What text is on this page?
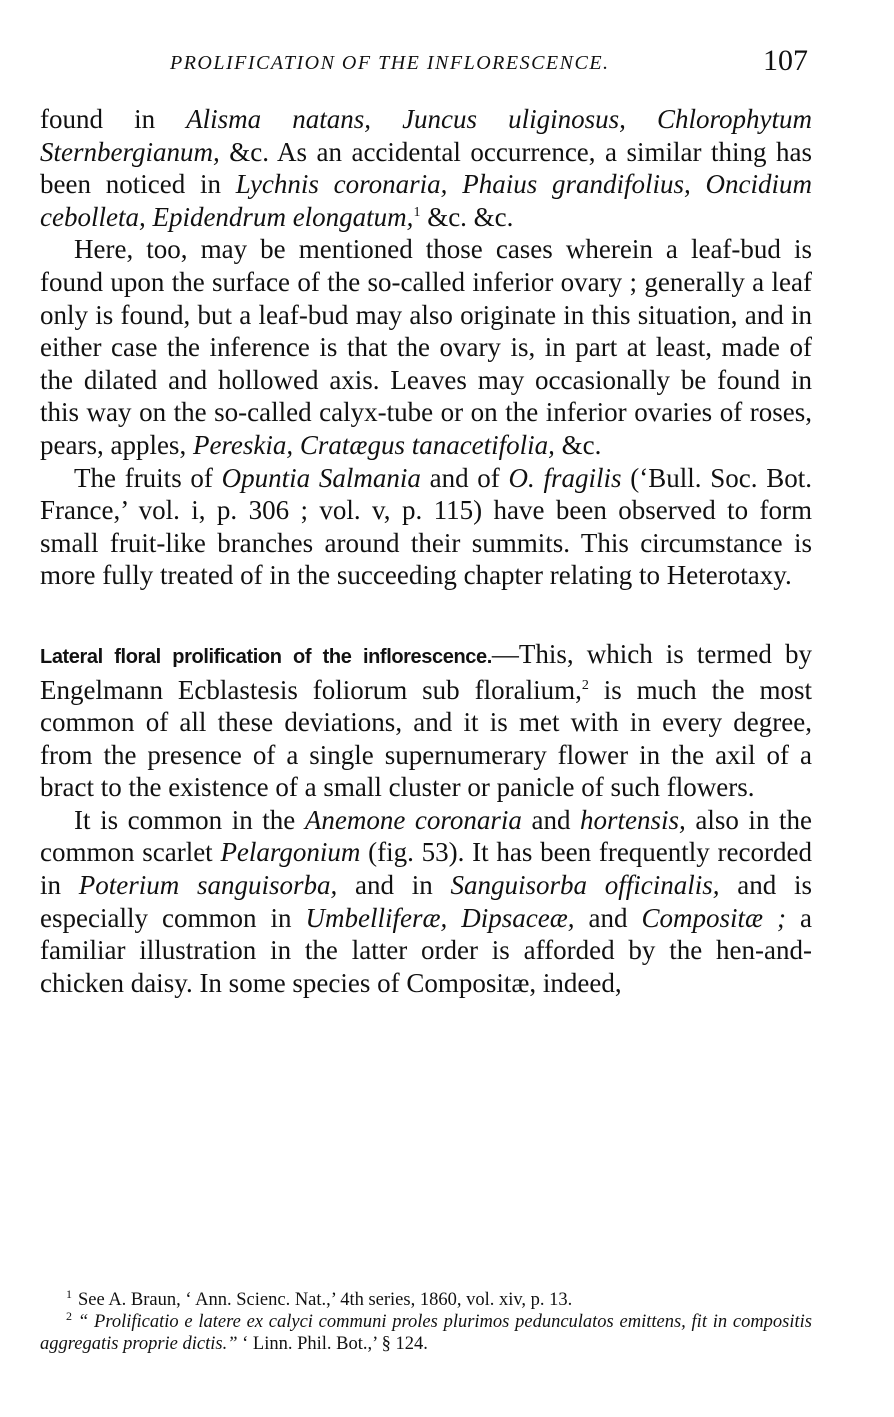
PROLIFICATION OF THE INFLORESCENCE.	107

found in Alisma natans, Juncus uliginosus, Chlorophytum Sternbergianum, &c. As an accidental occurrence, a similar thing has been noticed in Lychnis coronaria, Phaius grandifolius, Oncidium cebolleta, Epidendrum elongatum,$^1$ &c. &c.

Here, too, may be mentioned those cases wherein a leaf-bud is found upon the surface of the so-called inferior ovary ; generally a leaf only is found, but a leaf-bud may also originate in this situation, and in either case the inference is that the ovary is, in part at least, made of the dilated and hollowed axis. Leaves may occasionally be found in this way on the so-called calyx-tube or on the inferior ovaries of roses, pears, apples, Pereskia, Cratægus tanacetifolia, &c.

The fruits of Opuntia Salmania and of O. fragilis (‘Bull. Soc. Bot. France,’ vol. i, p. 306 ; vol. v, p. 115) have been observed to form small fruit-like branches around their summits. This circumstance is more fully treated of in the succeeding chapter relating to Heterotaxy.

Lateral floral prolification of the inflorescence.—This, which is termed by Engelmann Ecblastesis foliorum sub floralium,$^2$ is much the most common of all these deviations, and it is met with in every degree, from the presence of a single supernumerary flower in the axil of a bract to the existence of a small cluster or panicle of such flowers.

It is common in the Anemone coronaria and hortensis, also in the common scarlet Pelargonium (fig. 53). It has been frequently recorded in Poterium sanguisorba, and in Sanguisorba officinalis, and is especially common in Umbelliferæ, Dipsaceæ, and Compositæ ; a familiar illustration in the latter order is afforded by the hen-and-chicken daisy. In some species of Compositæ, indeed,

$^1$ See A. Braun, ‘ Ann. Scienc. Nat.,’ 4th series, 1860, vol. xiv, p. 13.

$^2$ “ Prolificatio e latere ex calyci communi proles plurimos pedunculatos emittens, fit in compositis aggregatis proprie dictis.” ‘ Linn. Phil. Bot.,’ § 124.
